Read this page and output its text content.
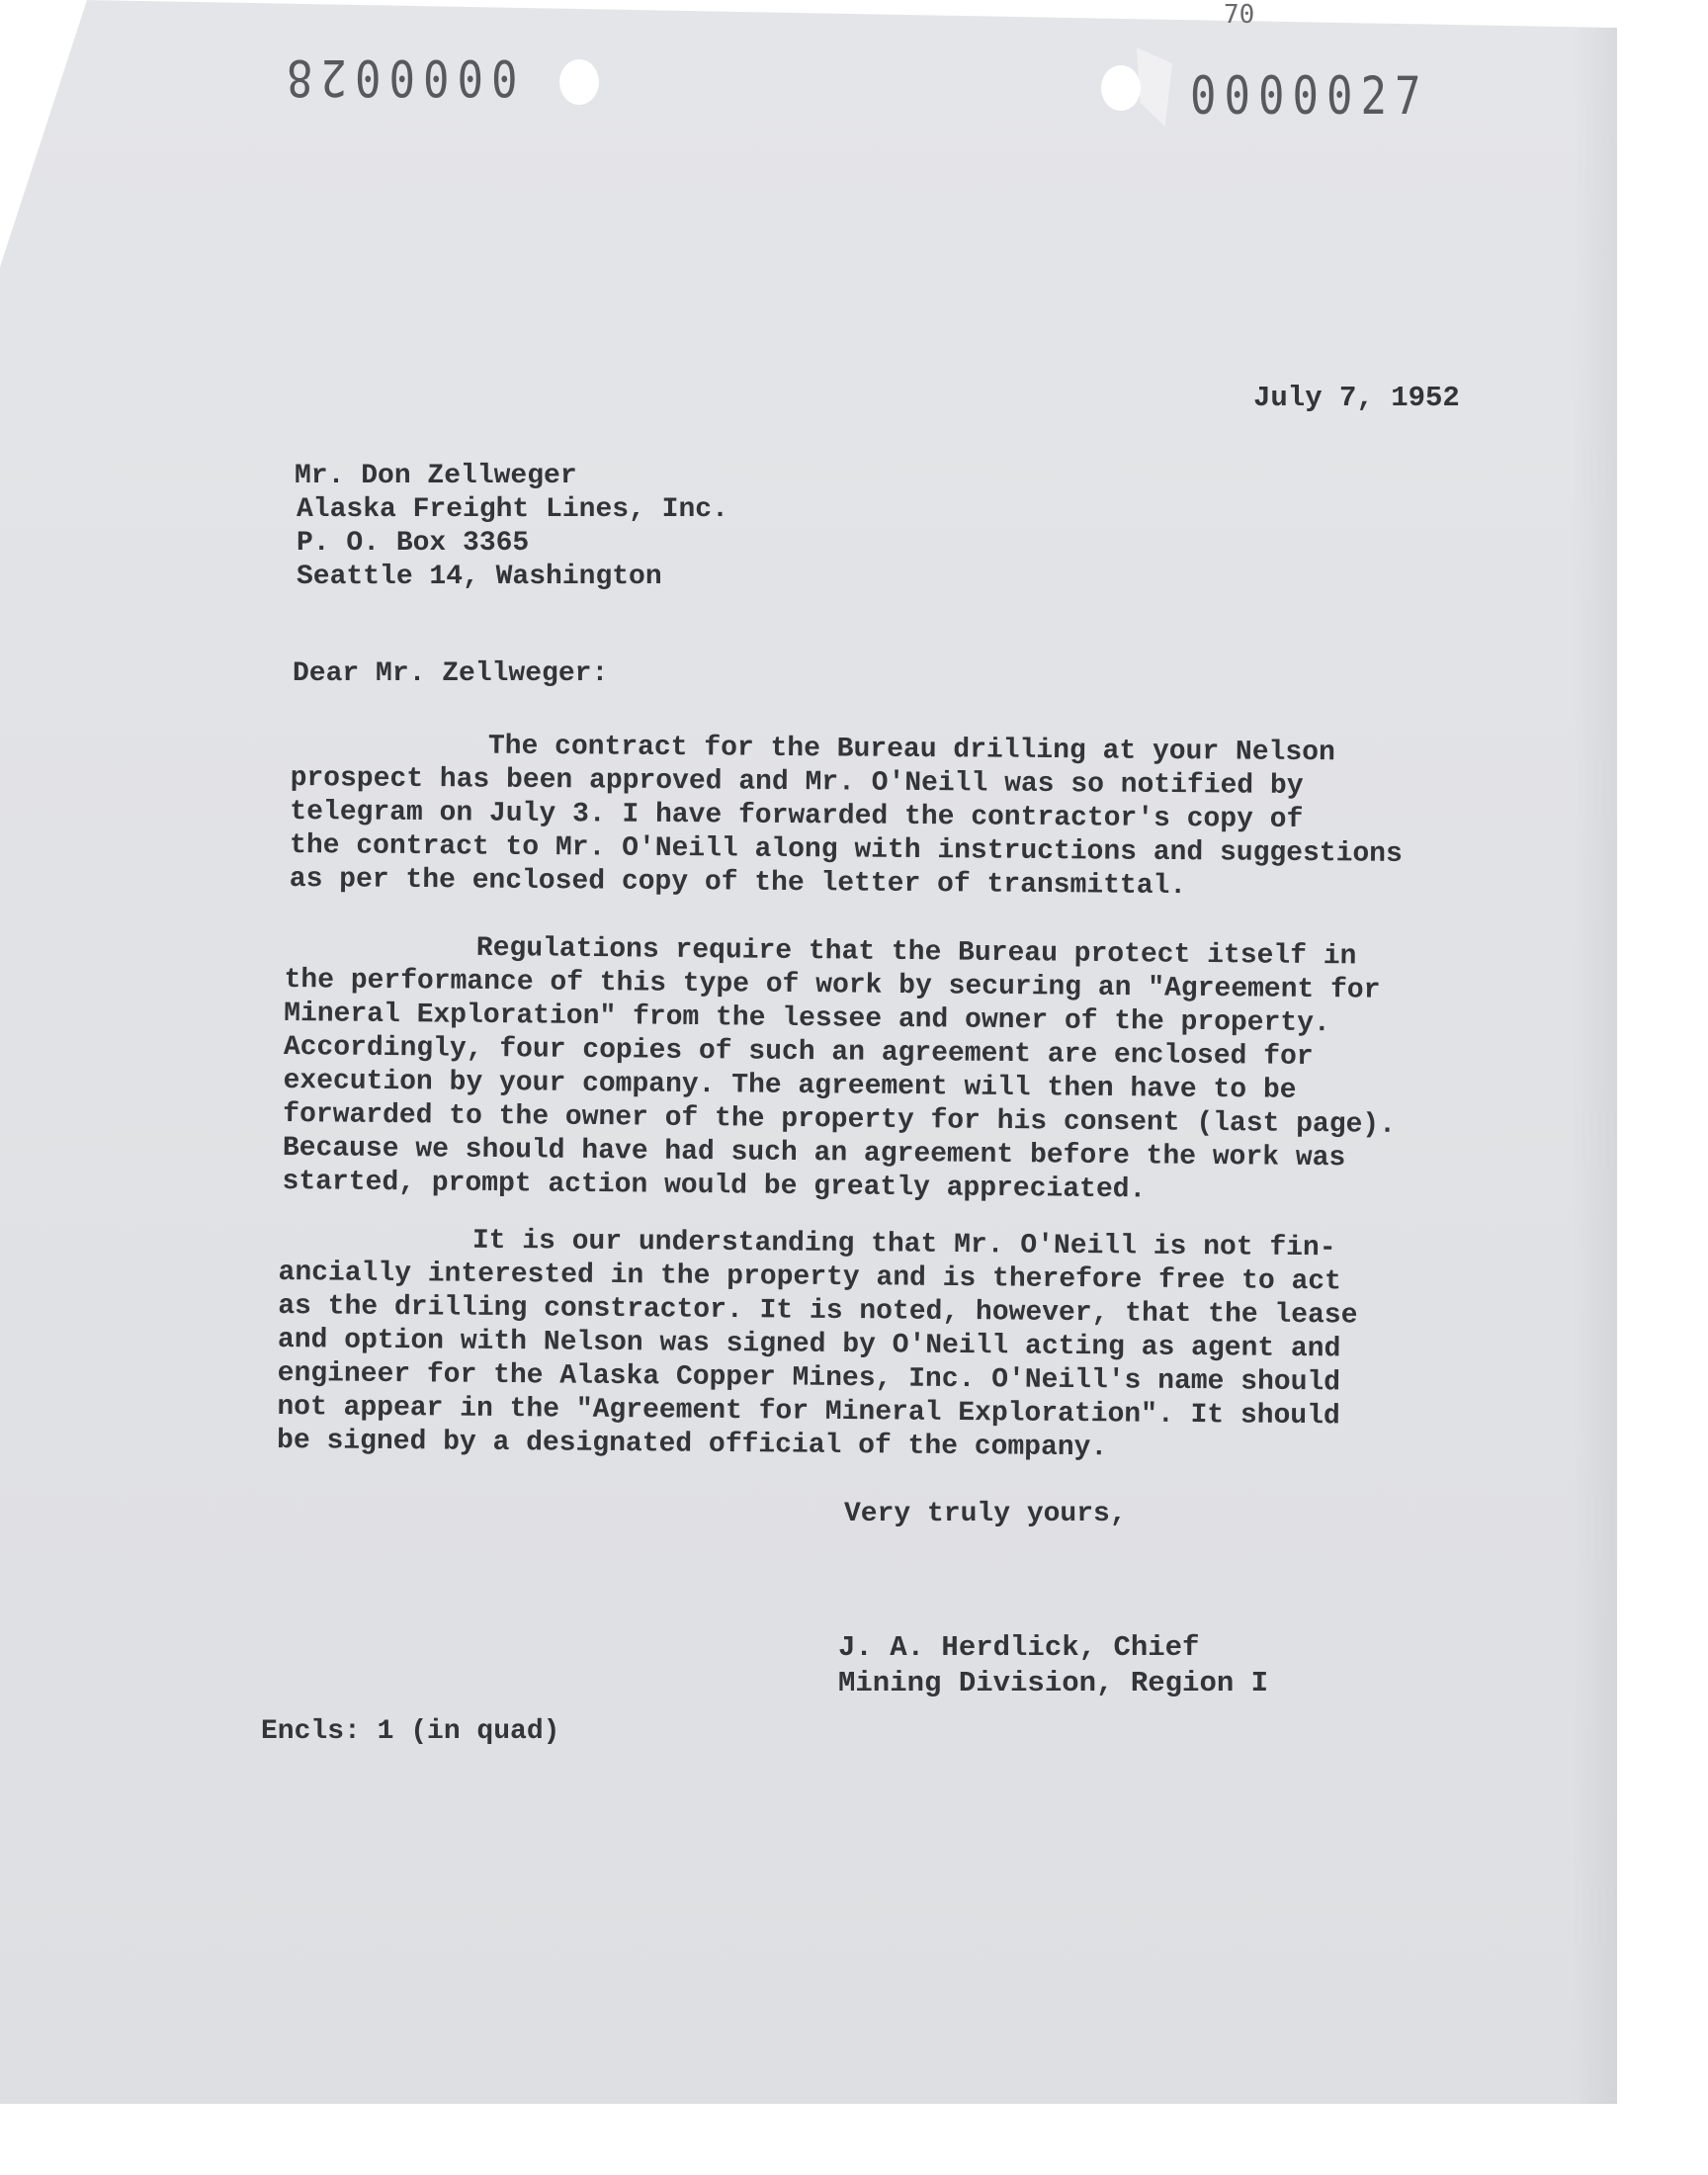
0000028	0000027
70
July 7, 1952
Mr. Don Zellweger
Alaska Freight Lines, Inc.
P. O. Box 3365
Seattle 14, Washington
Dear Mr. Zellweger:
The contract for the Bureau drilling at your Nelson
prospect has been approved and Mr. O'Neill was so notified by
telegram on July 3. I have forwarded the contractor's copy of
the contract to Mr. O'Neill along with instructions and suggestions
as per the enclosed copy of the letter of transmittal.
Regulations require that the Bureau protect itself in
the performance of this type of work by securing an "Agreement for
Mineral Exploration" from the lessee and owner of the property.
Accordingly, four copies of such an agreement are enclosed for
execution by your company. The agreement will then have to be
forwarded to the owner of the property for his consent (last page).
Because we should have had such an agreement before the work was
started, prompt action would be greatly appreciated.
It is our understanding that Mr. O'Neill is not fin-
ancially interested in the property and is therefore free to act
as the drilling constractor. It is noted, however, that the lease
and option with Nelson was signed by O'Neill acting as agent and
engineer for the Alaska Copper Mines, Inc. O'Neill's name should
not appear in the "Agreement for Mineral Exploration". It should
be signed by a designated official of the company.
Very truly yours,
J. A. Herdlick, Chief
Mining Division, Region I
Encls: 1 (in quad)
